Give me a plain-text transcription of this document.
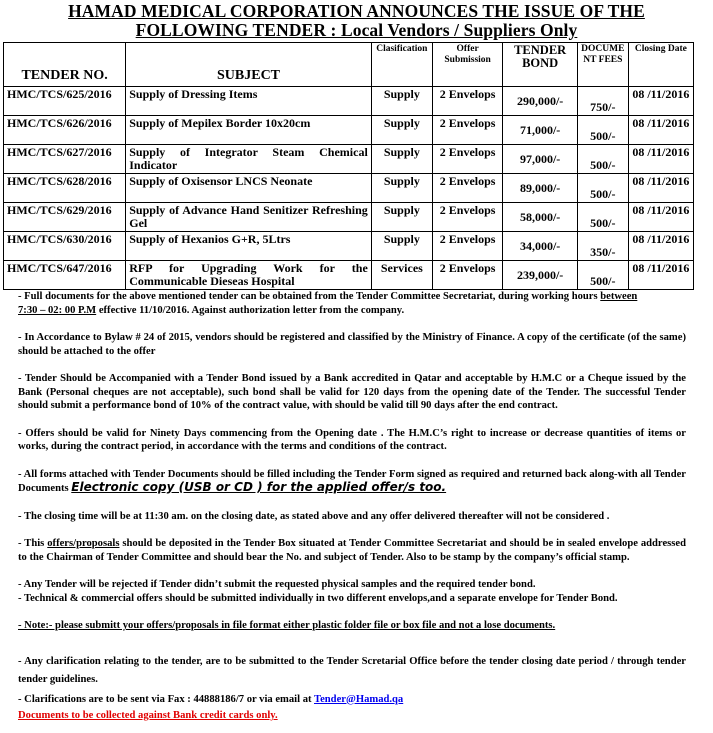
HAMAD MEDICAL CORPORATION ANNOUNCES THE ISSUE OF THE
FOLLOWING TENDER : Local Vendors / Suppliers Only
TENDER NO.	SUBJECT	Clasification	Offer Submission	TENDER BOND	DOCUME NT FEES	Closing Date
HMC/TCS/625/2016	Supply of Dressing Items	Supply	2 Envelops	290,000/-	750/-	08 /11/2016
HMC/TCS/626/2016	Supply of Mepilex Border 10x20cm	Supply	2 Envelops	71,000/-	500/-	08 /11/2016
HMC/TCS/627/2016	Supply of Integrator Steam Chemical Indicator	Supply	2 Envelops	97,000/-	500/-	08 /11/2016
HMC/TCS/628/2016	Supply of Oxisensor LNCS Neonate	Supply	2 Envelops	89,000/-	500/-	08 /11/2016
HMC/TCS/629/2016	Supply of Advance Hand Senitizer Refreshing Gel	Supply	2 Envelops	58,000/-	500/-	08 /11/2016
HMC/TCS/630/2016	Supply of Hexanios G+R, 5Ltrs	Supply	2 Envelops	34,000/-	350/-	08 /11/2016
HMC/TCS/647/2016	RFP for Upgrading Work for the Communicable Dieseas Hospital	Services	2 Envelops	239,000/-	500/-	08 /11/2016

- Full documents for the above mentioned tender can be obtained from the Tender Committee Secretariat, during working hours between
7:30 – 02: 00 P.M effective 11/10/2016. Against authorization letter from the company.

- In Accordance to Bylaw # 24 of 2015, vendors should be registered and classified by the Ministry of Finance. A copy of the certificate (of the same) should be attached to the offer

- Tender Should be Accompanied with a Tender Bond issued by a Bank accredited in Qatar and acceptable by H.M.C or a Cheque issued by the Bank (Personal cheques are not acceptable), such bond shall be valid for 120 days from the opening date of the Tender. The successful Tender should submit a performance bond of 10% of the contract value, with should be valid till 90 days after the end contract.

- Offers should be valid for Ninety Days commencing from the Opening date . The H.M.C’s right to increase or decrease quantities of items or works, during the contract period, in accordance with the terms and conditions of the contract.

- All forms attached with Tender Documents should be filled including the Tender Form signed as required and returned back along-with all Tender Documents Electronic copy (USB or CD ) for the applied offer/s too.

- The closing time will be at 11:30 am. on the closing date, as stated above and any offer delivered thereafter will not be considered .

- This offers/proposals should be deposited in the Tender Box situated at Tender Committee Secretariat and should be in sealed envelope addressed to the Chairman of Tender Committee and should bear the No. and subject of Tender. Also to be stamp by the company’s official stamp.

- Any Tender will be rejected if Tender didn’t submit the requested physical samples and the required tender bond.

- Technical & commercial offers should be submitted individually in two different envelops,and a separate envelope for Tender Bond.

- Note:- please submitt your offers/proposals in file format either plastic folder file or box file and not a lose documents.

- Any clarification relating to the tender, are to be submitted to the Tender Scretarial Office before the tender closing date period / through tender tender guidelines.

- Clarifications are to be sent via Fax : 44888186/7 or via email at Tender@Hamad.qa

Documents to be collected against Bank credit cards only.
